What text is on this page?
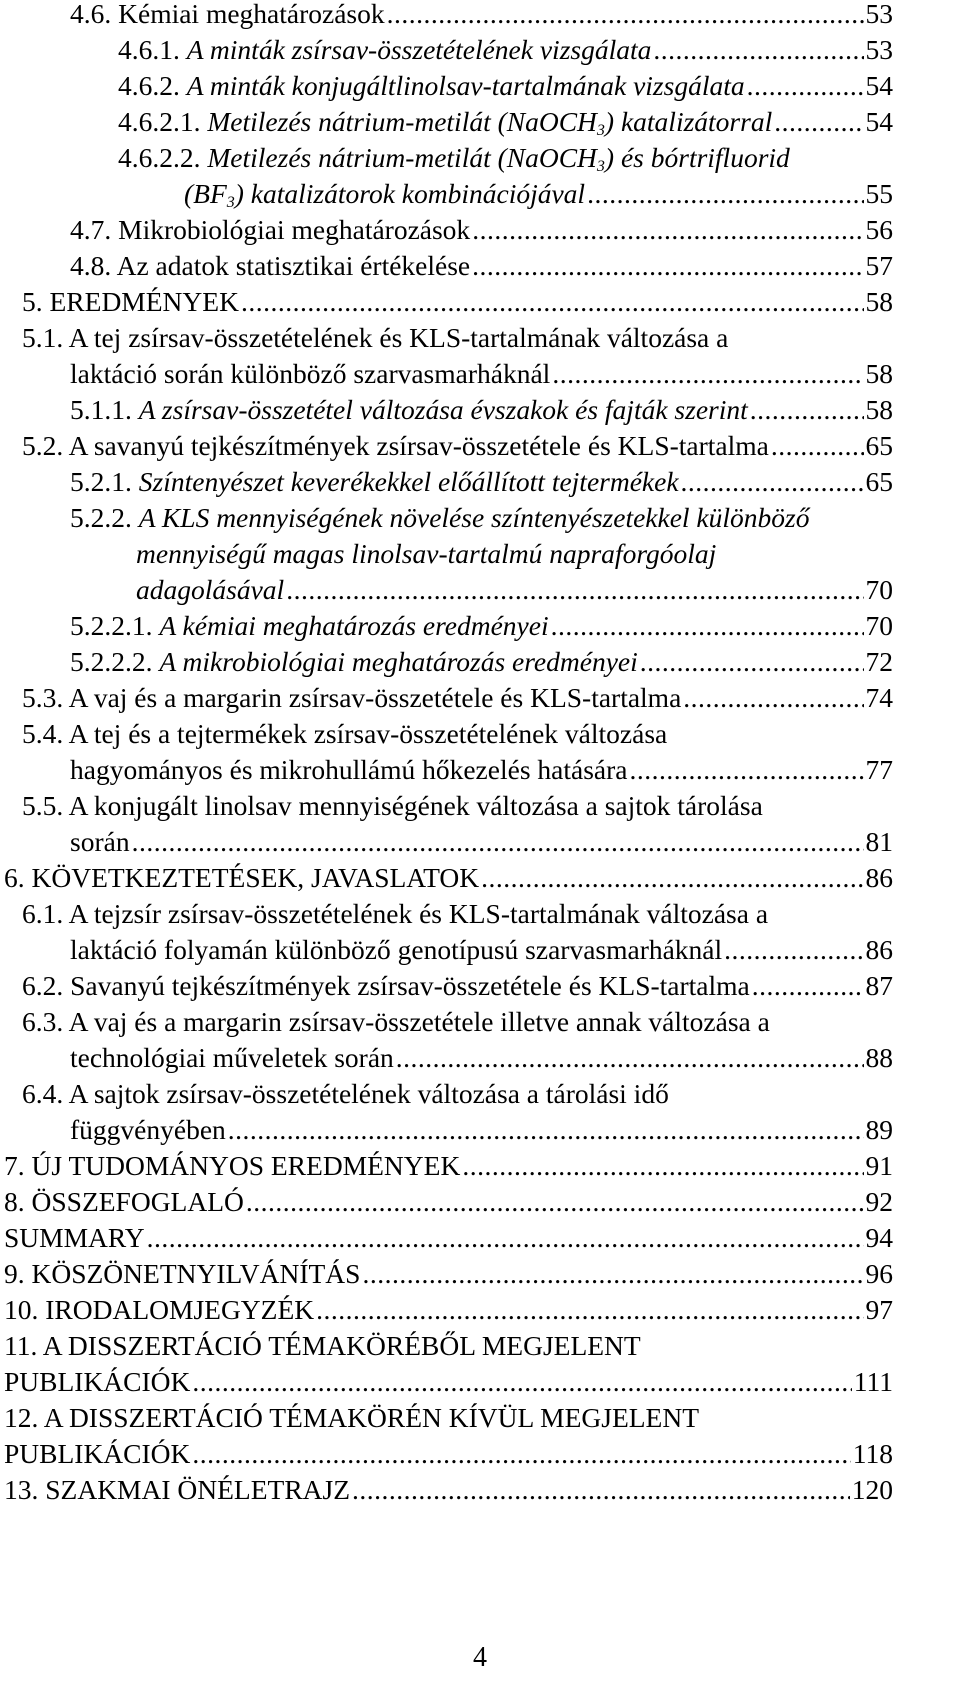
4.6. Kémiai meghatározások .....	53
4.6.1. A minták zsírsav-összetételének vizsgálata .....	53
4.6.2. A minták konjugáltlinolsav-tartalmának vizsgálata .....	54
4.6.2.1. Metilezés nátrium-metilát (NaOCH$_3$) katalizátorral .....	54
4.6.2.2. Metilezés nátrium-metilát (NaOCH$_3$) és bórtrifluorid
$(BF_3)$ katalizátorok kombinációjával .....	55
4.7. Mikrobiológiai meghatározások .....	56
4.8. Az adatok statisztikai értékelése .....	57
5. EREDMÉNYEK .....	58
5.1. A tej zsírsav-összetételének és KLS-tartalmának változása a
laktáció során különböző szarvasmarháknál .....	58
5.1.1. A zsírsav-összetétel változása évszakok és fajták szerint .....	58
5.2. A savanyú tejkészítmények zsírsav-összetétele és KLS-tartalma .....	65
5.2.1. Színtenyészet keverékekkel előállított tejtermékek .....	65
5.2.2. A KLS mennyiségének növelése színtenyészetekkel különböző
mennyiségű magas linolsav-tartalmú napraforgóolaj
adagolásával .....	70
5.2.2.1. A kémiai meghatározás eredményei .....	70
5.2.2.2. A mikrobiológiai meghatározás eredményei .....	72
5.3. A vaj és a margarin zsírsav-összetétele és KLS-tartalma .....	74
5.4. A tej és a tejtermékek zsírsav-összetételének változása
hagyományos és mikrohullámú hőkezelés hatására .....	77
5.5. A konjugált linolsav mennyiségének változása a sajtok tárolása
során .....	81
6. KÖVETKEZTETÉSEK, JAVASLATOK .....	86
6.1. A tejzsír zsírsav-összetételének és KLS-tartalmának változása a
laktáció folyamán különböző genotípusú szarvasmarháknál .....	86
6.2. Savanyú tejkészítmények zsírsav-összetétele és KLS-tartalma .....	87
6.3. A vaj és a margarin zsírsav-összetétele illetve annak változása a
technológiai műveletek során .....	88
6.4. A sajtok zsírsav-összetételének változása a tárolási idő
függvényében .....	89
7. ÚJ TUDOMÁNYOS EREDMÉNYEK .....	91
8. ÖSSZEFOGLALÓ .....	92
SUMMARY .....	94
9. KÖSZÖNETNYILVÁNÍTÁS .....	96
10. IRODALOMJEGYZÉK .....	97
11. A DISSZERTÁCIÓ TÉMAKÖRÉBŐL MEGJELENT
PUBLIKÁCIÓK .....	111
12. A DISSZERTÁCIÓ TÉMAKÖRÉN KÍVÜL MEGJELENT
PUBLIKÁCIÓK .....	118
13. SZAKMAI ÖNÉLETRAJZ .....	120
4
